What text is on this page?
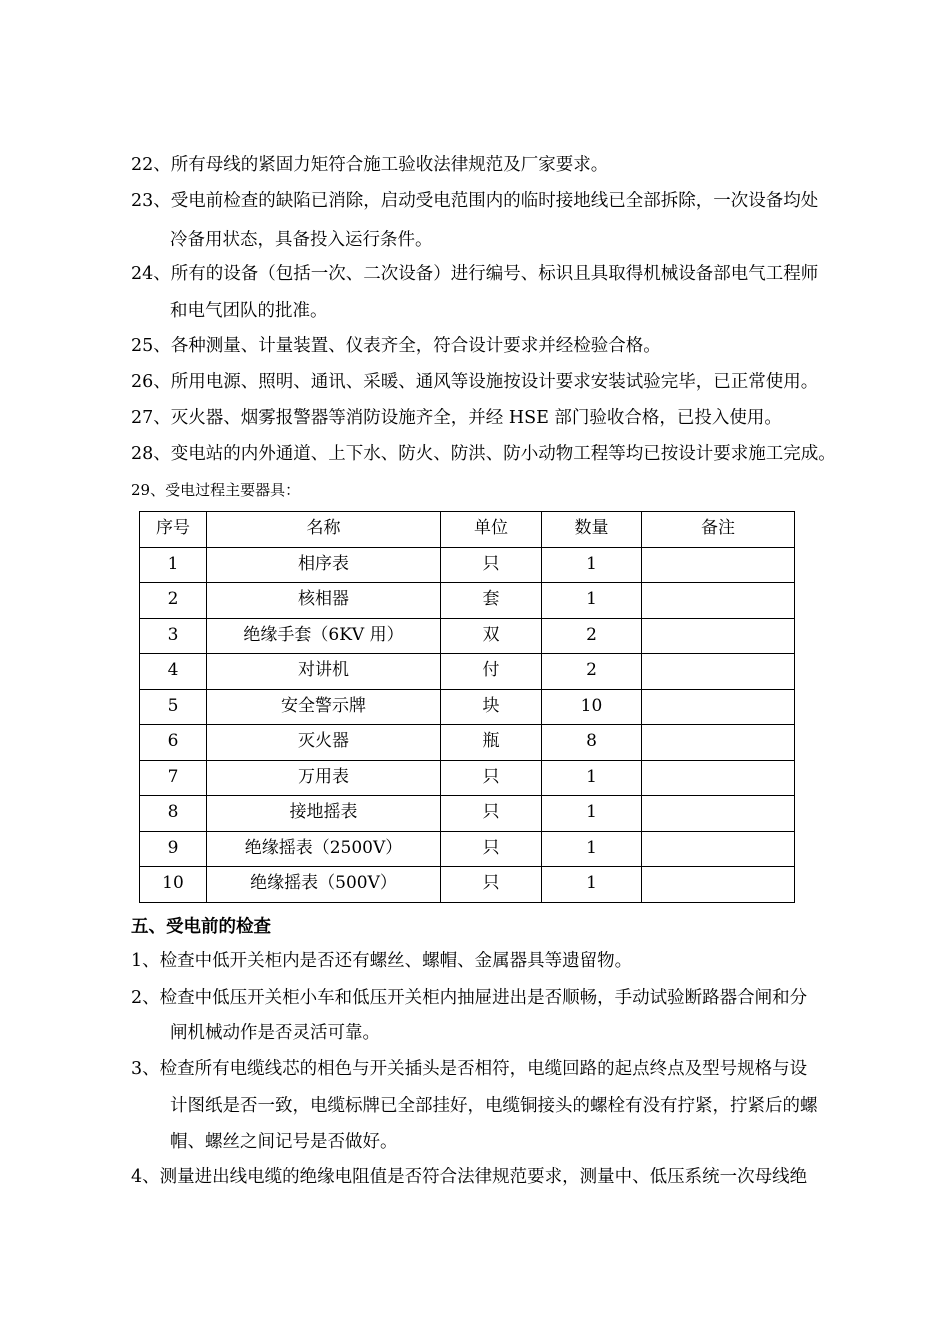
22、所有母线的紧固力矩符合施工验收法律规范及厂家要求。
23、受电前检查的缺陷已消除，启动受电范围内的临时接地线已全部拆除，一次设备均处
冷备用状态，具备投入运行条件。
24、所有的设备（包括一次、二次设备）进行编号、标识且具取得机械设备部电气工程师
和电气团队的批准。
25、各种测量、计量装置、仪表齐全，符合设计要求并经检验合格。
26、所用电源、照明、通讯、采暖、通风等设施按设计要求安装试验完毕，已正常使用。
27、灭火器、烟雾报警器等消防设施齐全，并经 HSE 部门验收合格，已投入使用。
28、变电站的内外通道、上下水、防火、防洪、防小动物工程等均已按设计要求施工完成。
29、受电过程主要器具：
序号	名称	单位	数量	备注
1	相序表	只	1	
2	核相器	套	1	
3	绝缘手套（6KV 用）	双	2	
4	对讲机	付	2	
5	安全警示牌	块	10	
6	灭火器	瓶	8	
7	万用表	只	1	
8	接地摇表	只	1	
9	绝缘摇表（2500V）	只	1	
10	绝缘摇表（500V）	只	1	
五、受电前的检查
1、检查中低开关柜内是否还有螺丝、螺帽、金属器具等遗留物。
2、检查中低压开关柜小车和低压开关柜内抽屉进出是否顺畅，手动试验断路器合闸和分
闸机械动作是否灵活可靠。
3、检查所有电缆线芯的相色与开关插头是否相符，电缆回路的起点终点及型号规格与设
计图纸是否一致，电缆标牌已全部挂好，电缆铜接头的螺栓有没有拧紧，拧紧后的螺
帽、螺丝之间记号是否做好。
4、测量进出线电缆的绝缘电阻值是否符合法律规范要求，测量中、低压系统一次母线绝
